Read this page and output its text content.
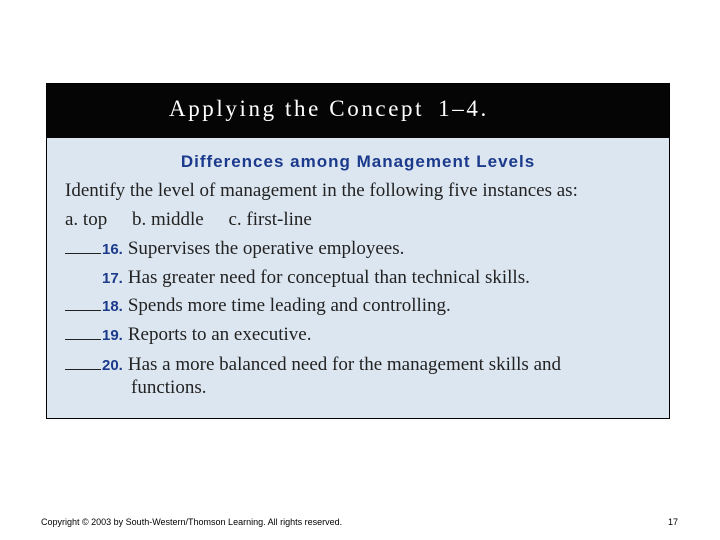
Applying the Concept 1–4.
Differences among Management Levels
Identify the level of management in the following five instances as:
a. top b. middle c. first-line
16. Supervises the operative employees.
17. Has greater need for conceptual than technical skills.
18. Spends more time leading and controlling.
19. Reports to an executive.
20. Has a more balanced need for the management skills and
functions.
Copyright © 2003 by South-Western/Thomson Learning. All rights reserved.	17
